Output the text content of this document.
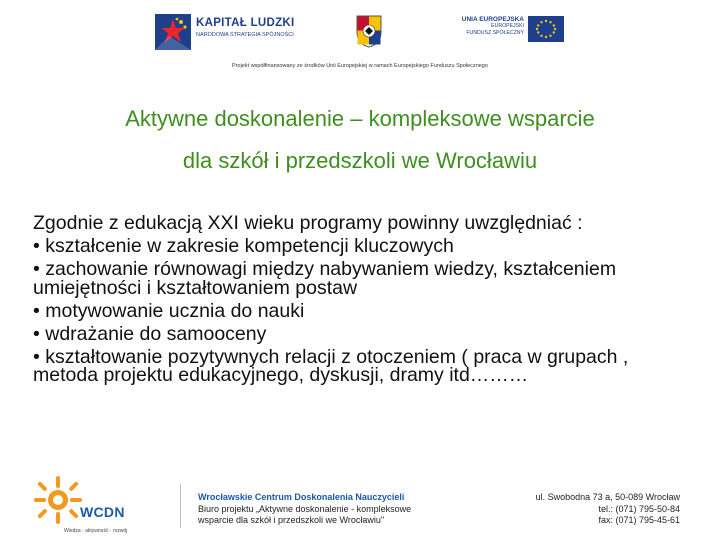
KAPITAŁ LUDZKI
NARODOWA STRATEGIA SPÓJNOŚCI
UNIA EUROPEJSKA
EUROPEJSKI
FUNDUSZ SPOŁECZNY
Projekt współfinansowany ze środków Unii Europejskiej w ramach Europejskiego Funduszu Społecznego
Aktywne doskonalenie – kompleksowe wsparcie
dla szkół i przedszkoli we Wrocławiu
Zgodnie z edukacją XXI wieku programy powinny uwzględniać :
• kształcenie w zakresie kompetencji kluczowych
• zachowanie równowagi między nabywaniem wiedzy, kształceniem umiejętności i kształtowaniem postaw
• motywowanie ucznia do nauki
• wdrażanie do samooceny
• kształtowanie pozytywnych relacji z otoczeniem ( praca w grupach , metoda projektu edukacyjnego, dyskusji, dramy itd………
WCDN
Wiedza · aktywność · rozwój
Wrocławskie Centrum Doskonalenia Nauczycieli
Biuro projektu „Aktywne doskonalenie - kompleksowe
wsparcie dla szkół i przedszkoli we Wrocławiu"
ul. Swobodna 73 a, 50-089 Wrocław
tel.: (071) 795-50-84
fax: (071) 795-45-61
